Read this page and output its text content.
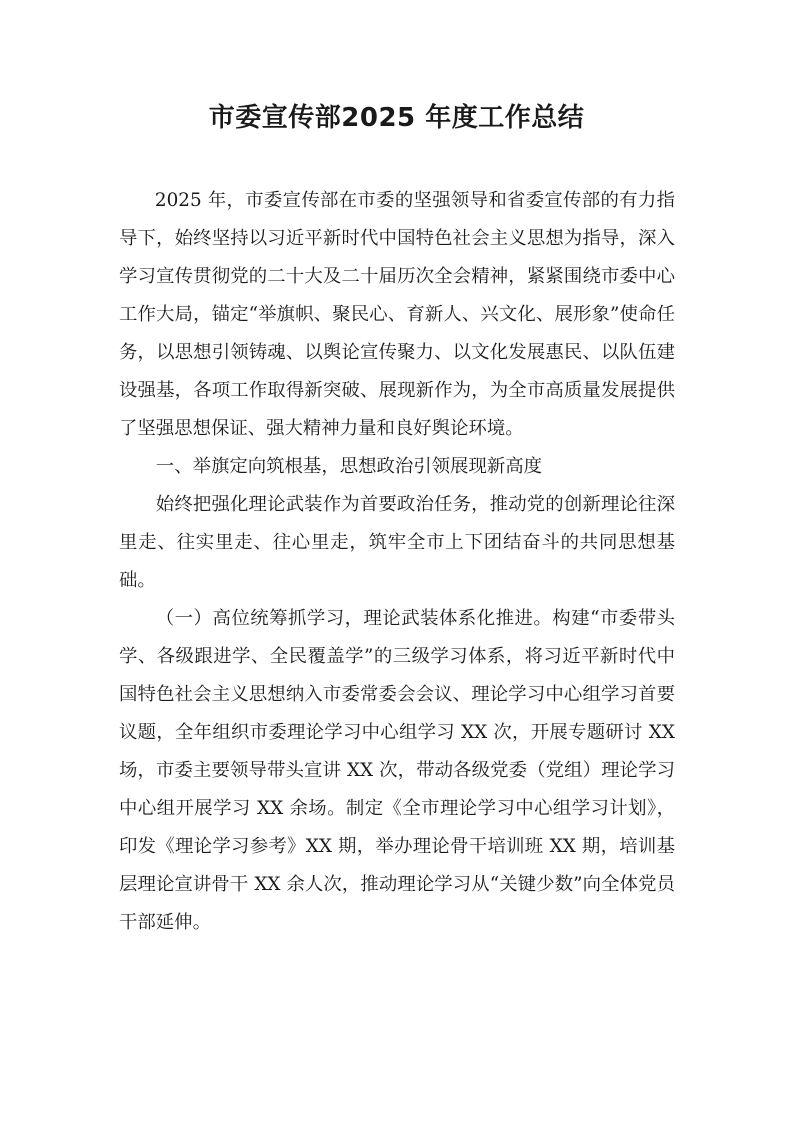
市委宣传部2025 年度工作总结

2025 年，市委宣传部在市委的坚强领导和省委宣传部的有力指导下，始终坚持以习近平新时代中国特色社会主义思想为指导，深入学习宣传贯彻党的二十大及二十届历次全会精神，紧紧围绕市委中心工作大局，锚定“举旗帜、聚民心、育新人、兴文化、展形象”使命任务，以思想引领铸魂、以舆论宣传聚力、以文化发展惠民、以队伍建设强基，各项工作取得新突破、展现新作为，为全市高质量发展提供了坚强思想保证、强大精神力量和良好舆论环境。

一、举旗定向筑根基，思想政治引领展现新高度

始终把强化理论武装作为首要政治任务，推动党的创新理论往深里走、往实里走、往心里走，筑牢全市上下团结奋斗的共同思想基础。

（一）高位统筹抓学习，理论武装体系化推进。构建“市委带头学、各级跟进学、全民覆盖学”的三级学习体系，将习近平新时代中国特色社会主义思想纳入市委常委会会议、理论学习中心组学习首要议题，全年组织市委理论学习中心组学习 XX 次，开展专题研讨 XX 场，市委主要领导带头宣讲 XX 次，带动各级党委（党组）理论学习中心组开展学习 XX 余场。制定《全市理论学习中心组学习计划》，印发《理论学习参考》XX 期，举办理论骨干培训班 XX 期，培训基层理论宣讲骨干 XX 余人次，推动理论学习从“关键少数”向全体党员干部延伸。
